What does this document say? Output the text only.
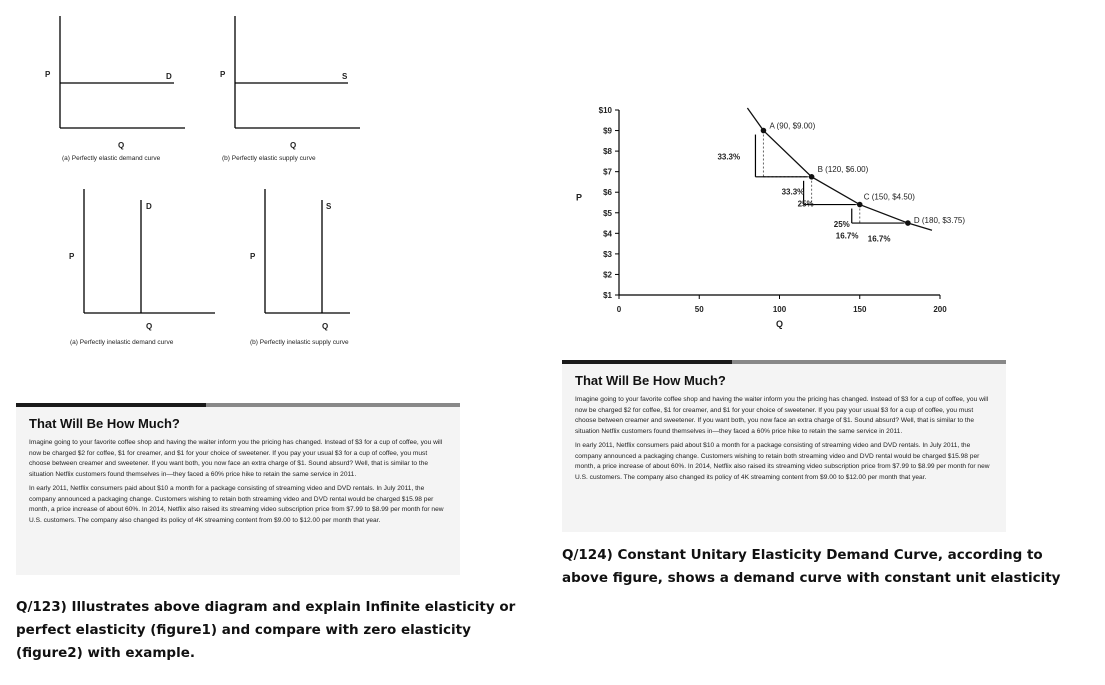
P	D
Q
(a) Perfectly elastic demand curve
P	S
Q
(b) Perfectly elastic supply curve
P
D
Q
(a) Perfectly inelastic demand curve
P
S
Q
(b) Perfectly inelastic supply curve
$1
$2
$3
$4
$5
$6
$7
$8
$9
$10
0	50	100	150	200
P
Q
A (90, $9.00)
B (120, $6.00)
C (150, $4.50)
D (180, $3.75)
33.3%
33.3%
25%
25%
16.7% 16.7%
That Will Be How Much?

Imagine going to your favorite coffee shop and having the waiter inform you the pricing has changed. Instead of $3 for a cup of coffee, you will now be charged $2 for coffee, $1 for creamer, and $1 for your choice of sweetener. If you pay your usual $3 for a cup of coffee, you must choose between creamer and sweetener. If you want both, you now face an extra charge of $1. Sound absurd? Well, that is similar to the situation Netflix customers found themselves in—they faced a 60% price hike to retain the same service in 2011.

In early 2011, Netflix consumers paid about $10 a month for a package consisting of streaming video and DVD rentals. In July 2011, the company announced a packaging change. Customers wishing to retain both streaming video and DVD rental would be charged $15.98 per month, a price increase of about 60%. In 2014, Netflix also raised its streaming video subscription price from $7.99 to $8.99 per month for new U.S. customers. The company also changed its policy of 4K streaming content from $9.00 to $12.00 per month that year.

That Will Be How Much?

Imagine going to your favorite coffee shop and having the waiter inform you the pricing has changed. Instead of $3 for a cup of coffee, you will now be charged $2 for coffee, $1 for creamer, and $1 for your choice of sweetener. If you pay your usual $3 for a cup of coffee, you must choose between creamer and sweetener. If you want both, you now face an extra charge of $1. Sound absurd? Well, that is similar to the situation Netflix customers found themselves in—they faced a 60% price hike to retain the same service in 2011.

In early 2011, Netflix consumers paid about $10 a month for a package consisting of streaming video and DVD rentals. In July 2011, the company announced a packaging change. Customers wishing to retain both streaming video and DVD rental would be charged $15.98 per month, a price increase of about 60%. In 2014, Netflix also raised its streaming video subscription price from $7.99 to $8.99 per month for new U.S. customers. The company also changed its policy of 4K streaming content from $9.00 to $12.00 per month that year.

Q/123) Illustrates above diagram and explain Infinite elasticity or perfect elasticity (figure1) and compare with zero elasticity (figure2) with example.
Q/124) Constant Unitary Elasticity Demand Curve, according to above figure, shows a demand curve with constant unit elasticity
